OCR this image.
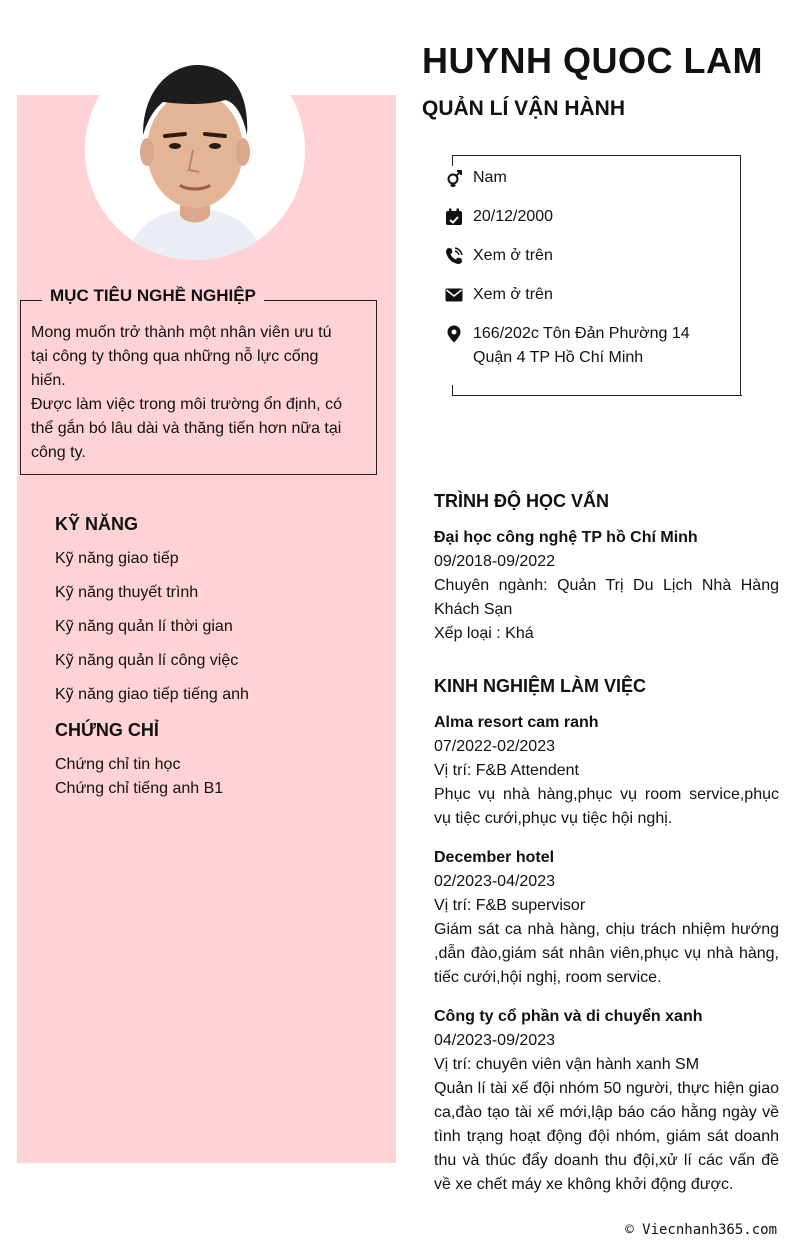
HUYNH QUOC LAM
QUẢN LÍ VẬN HÀNH
Nam
20/12/2000
Xem ở trên
Xem ở trên
166/202c Tôn Đản Phường 14
Quận 4 TP Hồ Chí Minh
MỤC TIÊU NGHỀ NGHIỆP
Mong muốn trở thành một nhân viên ưu tú
tại công ty thông qua những nỗ lực cống
hiến.
Được làm việc trong môi trường ổn định, có
thể gắn bó lâu dài và thăng tiến hơn nữa tại
công ty.
KỸ NĂNG
Kỹ năng giao tiếp
Kỹ năng thuyết trình
Kỹ năng quản lí thời gian
Kỹ năng quản lí công việc
Kỹ năng giao tiếp tiếng anh
CHỨNG CHỈ
Chứng chỉ tin học
Chứng chỉ tiếng anh B1
TRÌNH ĐỘ HỌC VẤN
Đại học công nghệ TP hồ Chí Minh
09/2018-09/2022
Chuyên ngành: Quản Trị Du Lịch Nhà Hàng Khách Sạn
Xếp loại : Khá
KINH NGHIỆM LÀM VIỆC
Alma resort cam ranh
07/2022-02/2023
Vị trí: F&B Attendent
Phục vụ nhà hàng,phục vụ room service,phục vụ tiệc cưới,phục vụ tiệc hội nghị.
December hotel
02/2023-04/2023
Vị trí: F&B supervisor
Giám sát ca nhà hàng, chịu trách nhiệm hướng ,dẫn đào,giám sát nhân viên,phục vụ nhà hàng, tiếc cưới,hội nghị, room service.
Công ty cổ phần và di chuyển xanh
04/2023-09/2023
Vị trí: chuyên viên vận hành xanh SM
Quản lí tài xế đội nhóm 50 người, thực hiện giao ca,đào tạo tài xế mới,lập báo cáo hằng ngày về tình trạng hoạt động đội nhóm, giám sát doanh thu và thúc đẩy doanh thu đội,xử lí các vấn đề về xe chết máy xe không khởi động được.
© Viecnhanh365.com
